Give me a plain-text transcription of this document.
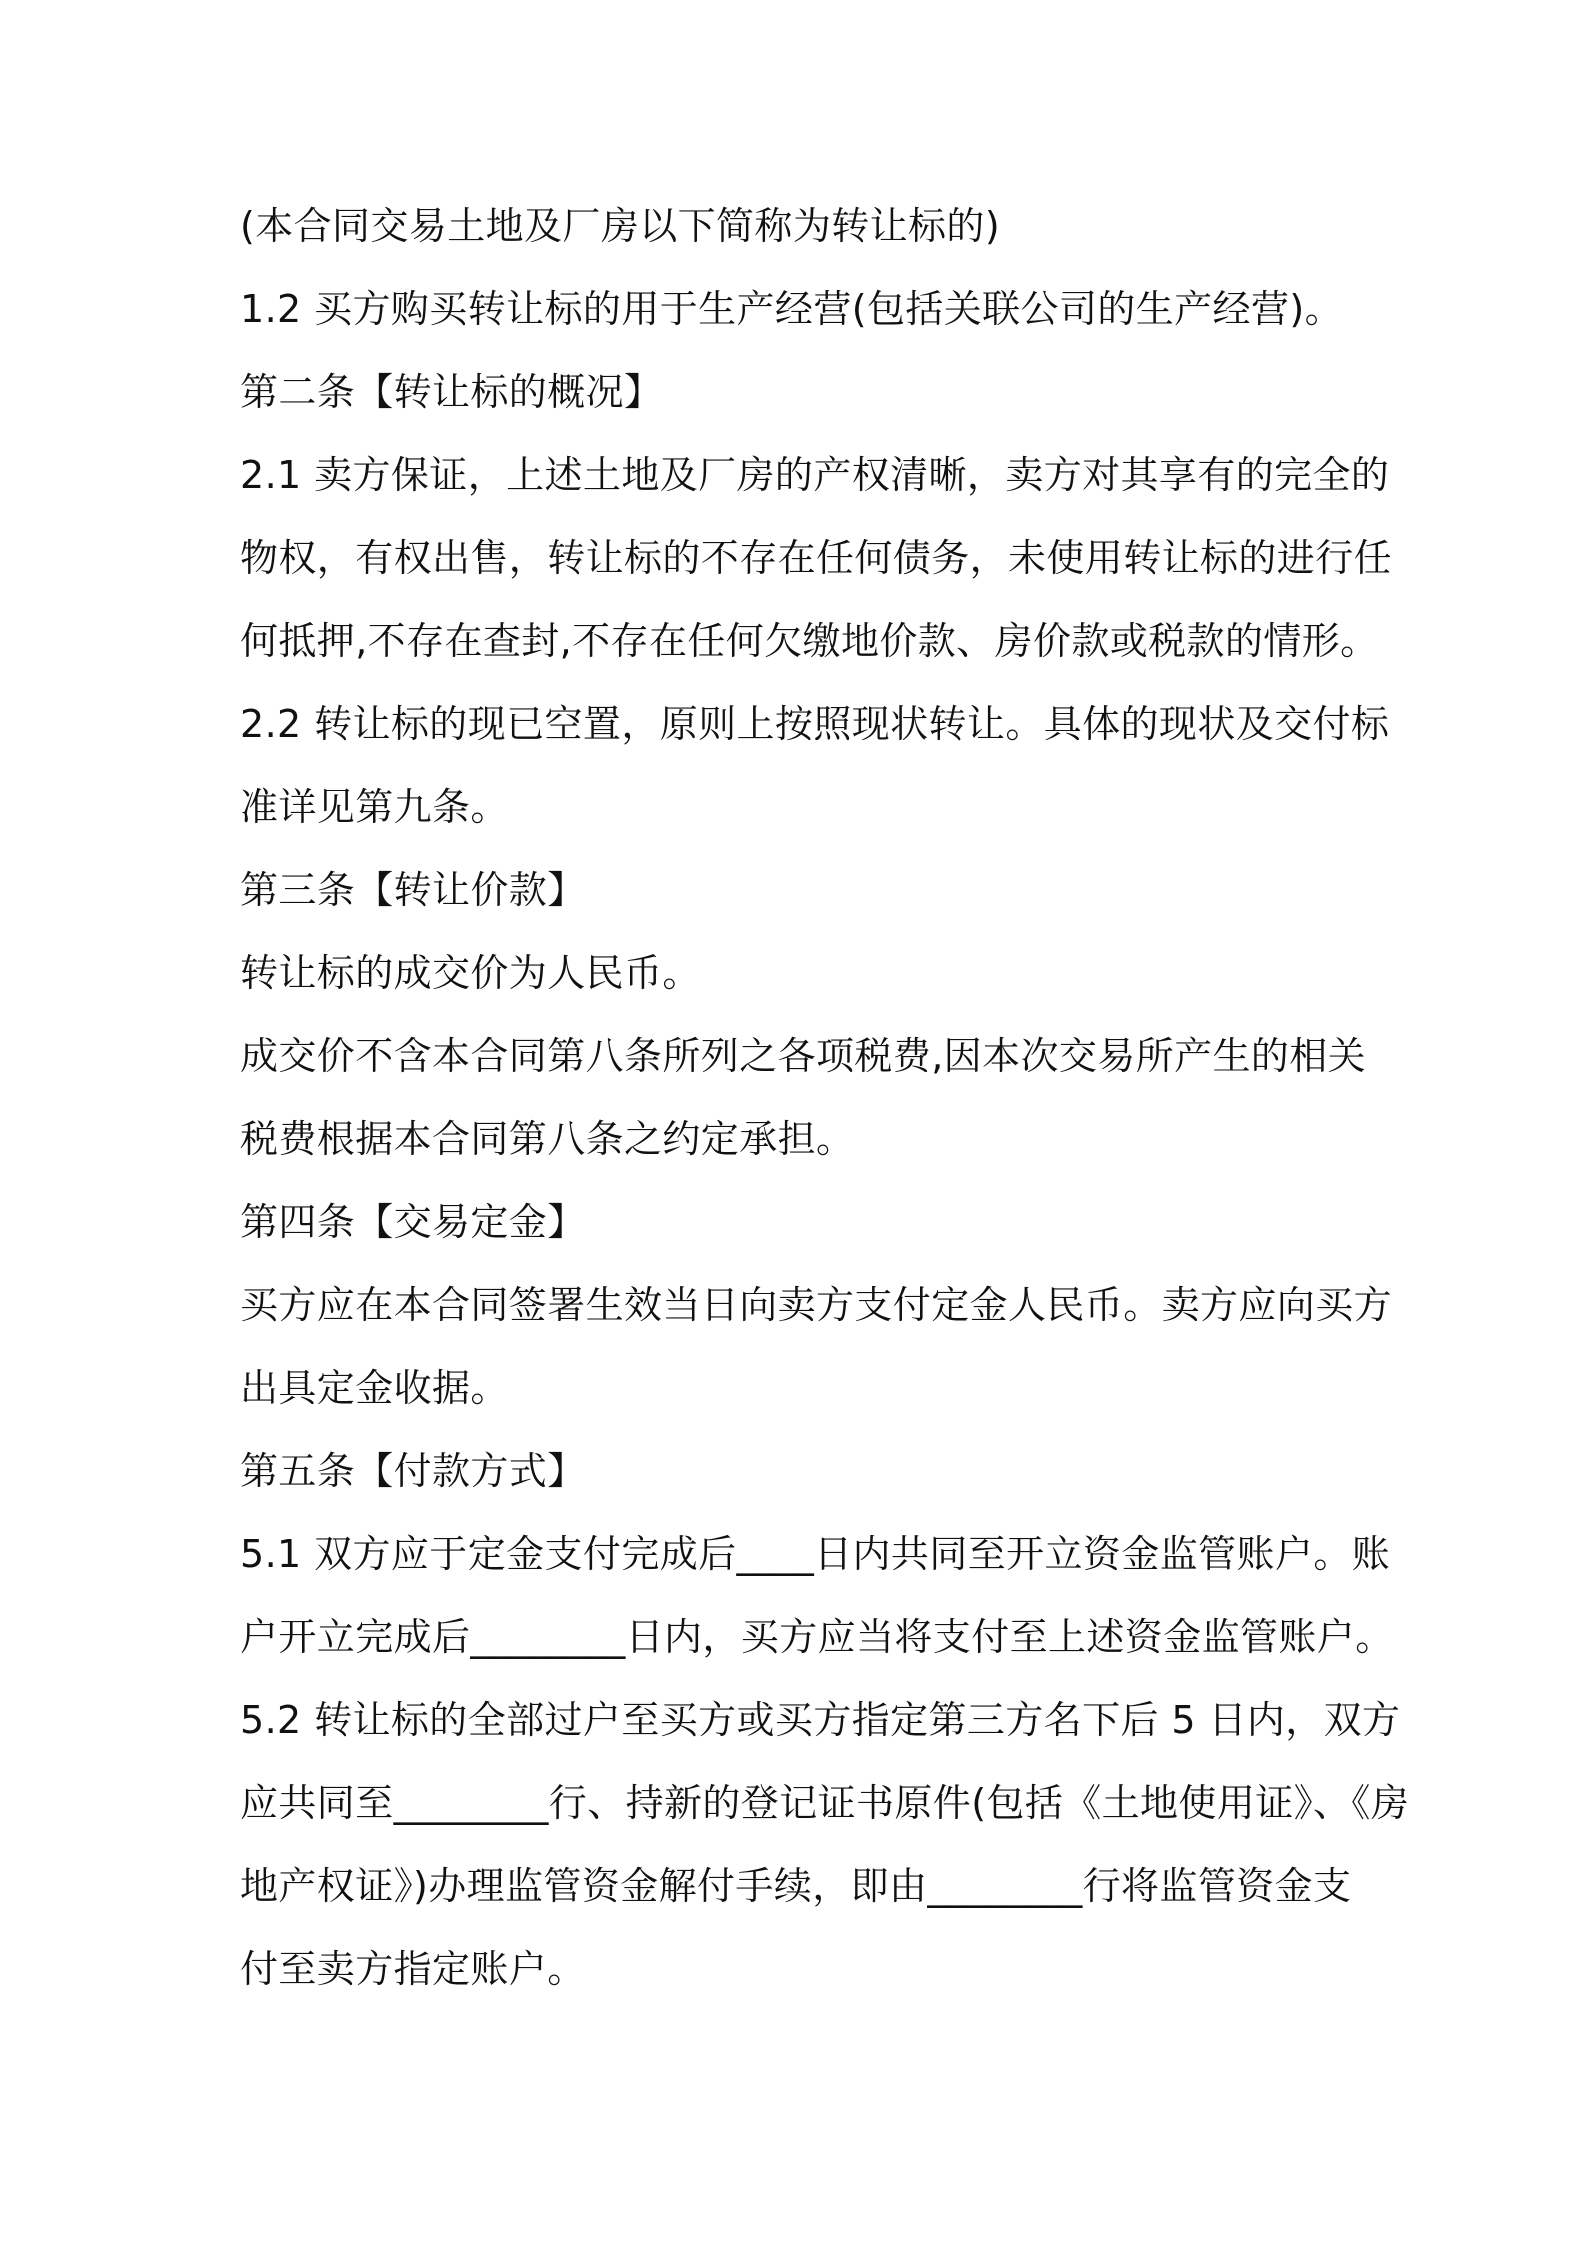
(本合同交易土地及厂房以下简称为转让标的)
1.2 买方购买转让标的用于生产经营(包括关联公司的生产经营)。
第二条【转让标的概况】
2.1 卖方保证，上述土地及厂房的产权清晰，卖方对其享有的完全的
物权，有权出售，转让标的不存在任何债务，未使用转让标的进行任
何抵押,不存在查封,不存在任何欠缴地价款、房价款或税款的情形。
2.2 转让标的现已空置，原则上按照现状转让。具体的现状及交付标
准详见第九条。
第三条【转让价款】
转让标的成交价为人民币。
成交价不含本合同第八条所列之各项税费,因本次交易所产生的相关
税费根据本合同第八条之约定承担。
第四条【交易定金】
买方应在本合同签署生效当日向卖方支付定金人民币。卖方应向买方
出具定金收据。
第五条【付款方式】
5.1 双方应于定金支付完成后____日内共同至开立资金监管账户。账
户开立完成后________日内，买方应当将支付至上述资金监管账户。
5.2 转让标的全部过户至买方或买方指定第三方名下后 5 日内，双方
应共同至________行、持新的登记证书原件(包括《土地使用证》、《房
地产权证》)办理监管资金解付手续，即由________行将监管资金支
付至卖方指定账户。
